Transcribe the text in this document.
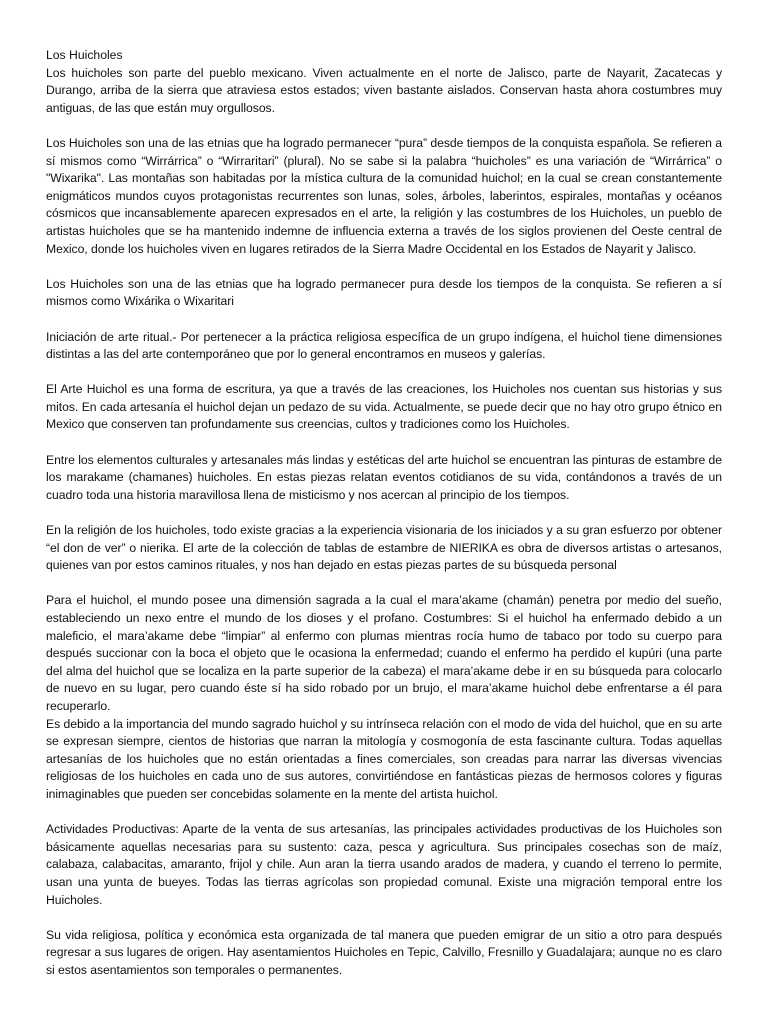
Los Huicholes

Los huicholes son parte del pueblo mexicano. Viven actualmente en el norte de Jalisco, parte de Nayarit, Zacatecas y Durango, arriba de la sierra que atraviesa estos estados; viven bastante aislados. Conservan hasta ahora costumbres muy antiguas, de las que están muy orgullosos.

Los Huicholes son una de las etnias que ha logrado permanecer “pura” desde tiempos de la conquista española. Se refieren a sí mismos como “Wirrárrica” o “Wirraritari” (plural). No se sabe si la palabra “huicholes” es una variación de “Wirrárrica” o "Wixarika". Las montañas son habitadas por la mística cultura de la comunidad huichol; en la cual se crean constantemente enigmáticos mundos cuyos protagonistas recurrentes son lunas, soles, árboles, laberintos, espirales, montañas y océanos cósmicos que incansablemente aparecen expresados en el arte, la religión y las costumbres de los Huicholes, un pueblo de artistas huicholes que se ha mantenido indemne de influencia externa a través de los siglos provienen del Oeste central de Mexico, donde los huicholes viven en lugares retirados de la Sierra Madre Occidental en los Estados de Nayarit y Jalisco.

Los Huicholes son una de las etnias que ha logrado permanecer pura desde los tiempos de la conquista. Se refieren a sí mismos como Wixárika o Wixaritari

Iniciación de arte ritual.- Por pertenecer a la práctica religiosa específica de un grupo indígena, el huichol tiene dimensiones distintas a las del arte contemporáneo que por lo general encontramos en museos y galerías.

El Arte Huichol es una forma de escritura, ya que a través de las creaciones, los Huicholes nos cuentan sus historias y sus mitos. En cada artesanía el huichol dejan un pedazo de su vida. Actualmente, se puede decir que no hay otro grupo étnico en Mexico que conserven tan profundamente sus creencias, cultos y tradiciones como los Huicholes.

Entre los elementos culturales y artesanales más lindas y estéticas del arte huichol se encuentran las pinturas de estambre de los marakame (chamanes) huicholes. En estas piezas relatan eventos cotidianos de su vida, contándonos a través de un cuadro toda una historia maravillosa llena de misticismo y nos acercan al principio de los tiempos.

En la religión de los huicholes, todo existe gracias a la experiencia visionaria de los iniciados y a su gran esfuerzo por obtener “el don de ver” o nierika. El arte de la colección de tablas de estambre de NIERIKA es obra de diversos artistas o artesanos, quienes van por estos caminos rituales, y nos han dejado en estas piezas partes de su búsqueda personal

Para el huichol, el mundo posee una dimensión sagrada a la cual el mara’akame (chamán) penetra por medio del sueño, estableciendo un nexo entre el mundo de los dioses y el profano. Costumbres: Si el huichol ha enfermado debido a un maleficio, el mara’akame debe “limpiar” al enfermo con plumas mientras rocía humo de tabaco por todo su cuerpo para después succionar con la boca el objeto que le ocasiona la enfermedad; cuando el enfermo ha perdido el kupúri (una parte del alma del huichol que se localiza en la parte superior de la cabeza) el mara’akame debe ir en su búsqueda para colocarlo de nuevo en su lugar, pero cuando éste sí ha sido robado por un brujo, el mara’akame huichol debe enfrentarse a él para recuperarlo.

Es debido a la importancia del mundo sagrado huichol y su intrínseca relación con el modo de vida del huichol, que en su arte se expresan siempre, cientos de historias que narran la mitología y cosmogonía de esta fascinante cultura. Todas aquellas artesanías de los huicholes que no están orientadas a fines comerciales, son creadas para narrar las diversas vivencias religiosas de los huicholes en cada uno de sus autores, convirtiéndose en fantásticas piezas de hermosos colores y figuras inimaginables que pueden ser concebidas solamente en la mente del artista huichol.

Actividades Productivas: Aparte de la venta de sus artesanías, las principales actividades productivas de los Huicholes son básicamente aquellas necesarias para su sustento: caza, pesca y agricultura. Sus principales cosechas son de maíz, calabaza, calabacitas, amaranto, frijol y chile. Aun aran la tierra usando arados de madera, y cuando el terreno lo permite, usan una yunta de bueyes. Todas las tierras agrícolas son propiedad comunal. Existe una migración temporal entre los Huicholes.

Su vida religiosa, política y económica esta organizada de tal manera que pueden emigrar de un sitio a otro para después regresar a sus lugares de origen. Hay asentamientos Huicholes en Tepic, Calvillo, Fresnillo y Guadalajara; aunque no es claro si estos asentamientos son temporales o permanentes.
